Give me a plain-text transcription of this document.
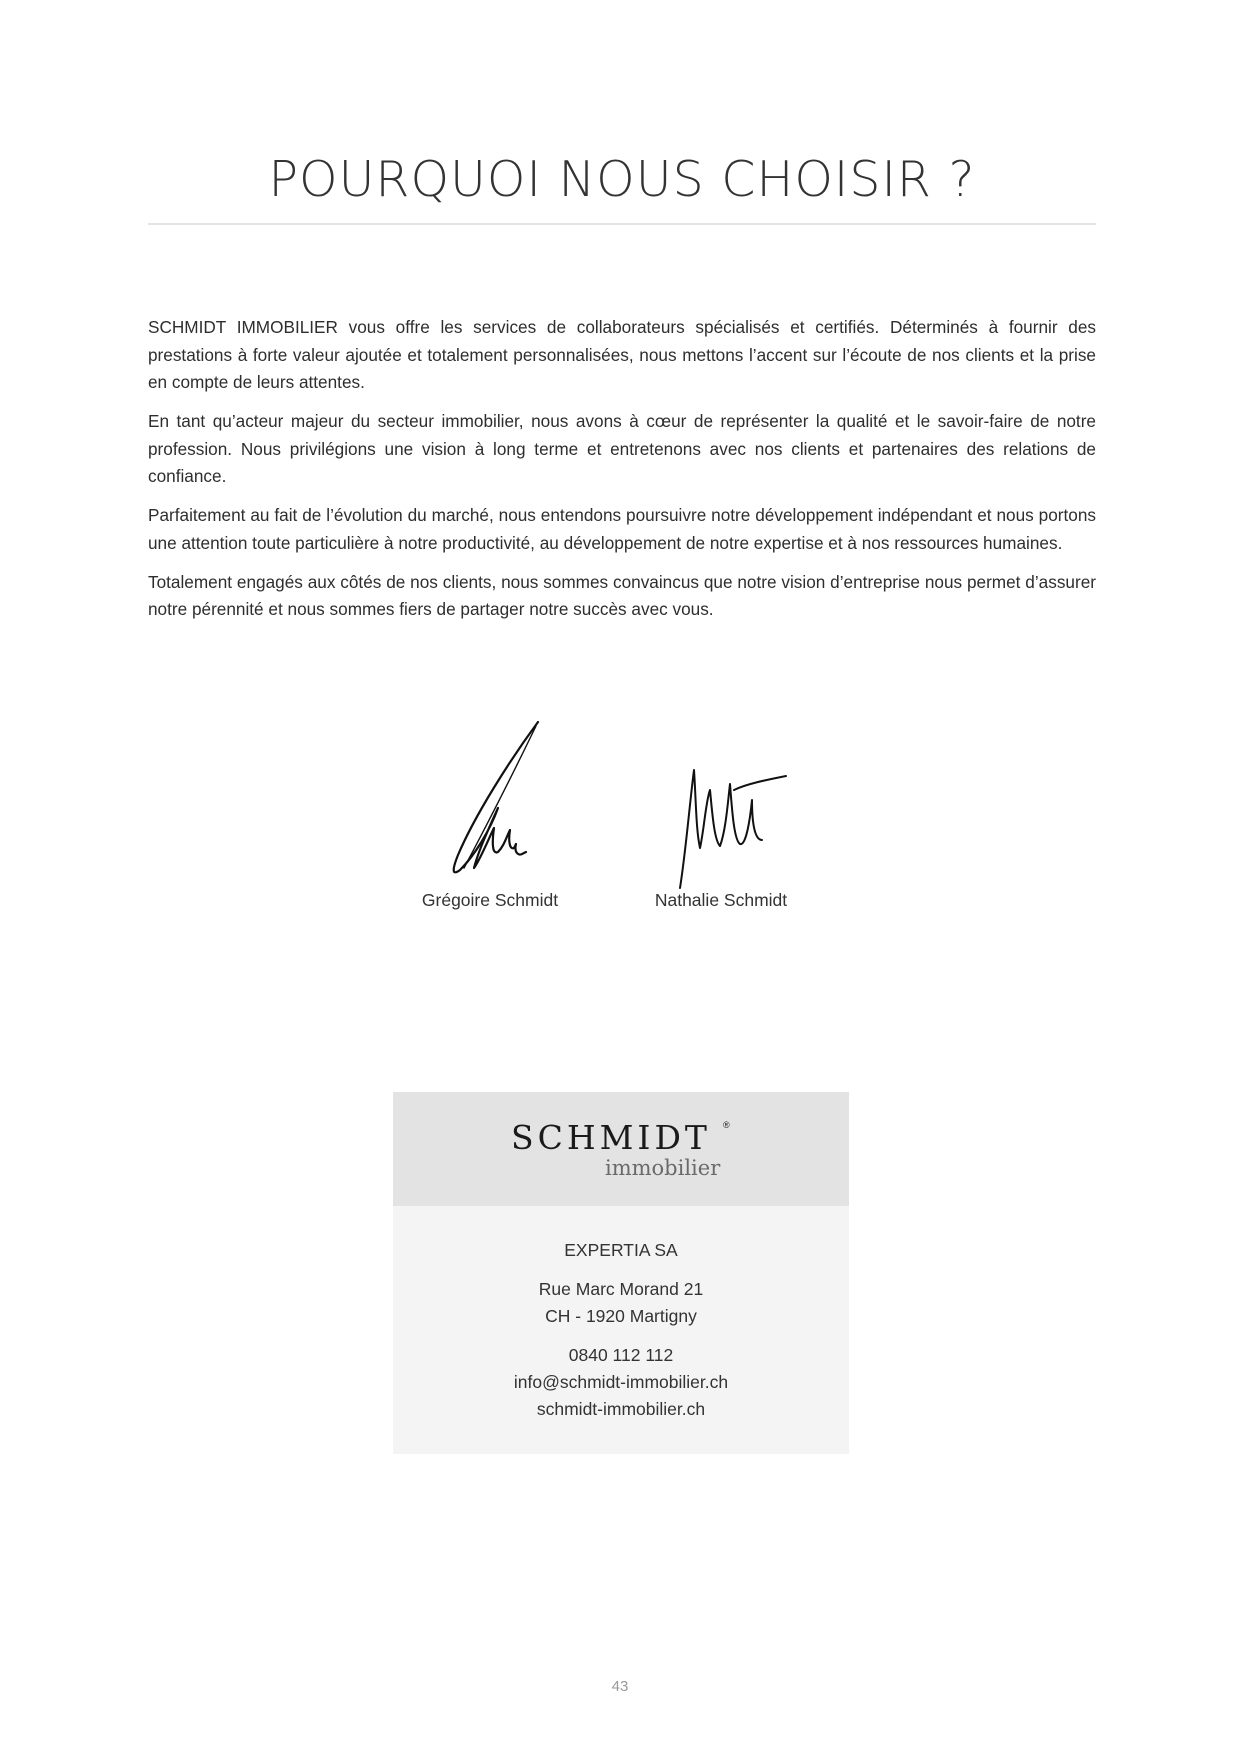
POURQUOI NOUS CHOISIR ?

SCHMIDT IMMOBILIER vous offre les services de collaborateurs spécialisés et certifiés. Déterminés à fournir des prestations à forte valeur ajoutée et totalement personnalisées, nous mettons l’accent sur l’écoute de nos clients et la prise en compte de leurs attentes.

En tant qu’acteur majeur du secteur immobilier, nous avons à cœur de représenter la qualité et le savoir-faire de notre profession. Nous privilégions une vision à long terme et entretenons avec nos clients et partenaires des relations de confiance.

Parfaitement au fait de l’évolution du marché, nous entendons poursuivre notre développement indépendant et nous portons une attention toute particulière à notre productivité, au développement de notre expertise et à nos ressources humaines.

Totalement engagés aux côtés de nos clients, nous sommes convaincus que notre vision d’entreprise nous permet d’assurer notre pérennité et nous sommes fiers de partager notre succès avec vous.

Grégoire Schmidt	Nathalie Schmidt
SCHMIDT ®
immobilier
EXPERTIA SA
Rue Marc Morand 21
CH - 1920 Martigny
0840 112 112
info@schmidt-immobilier.ch
schmidt-immobilier.ch
43
